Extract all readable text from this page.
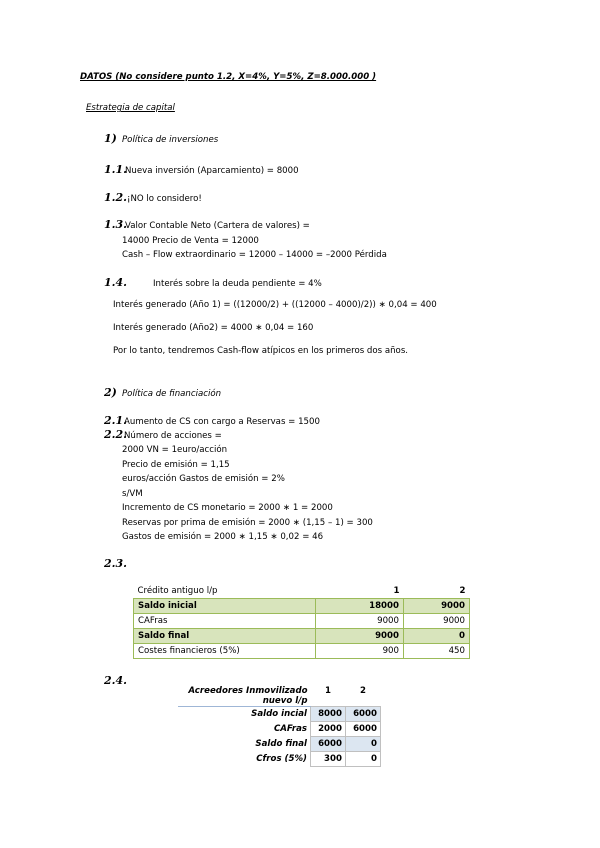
DATOS (No considere punto 1.2, X=4%, Y=5%, Z=8.000.000 )
Estrategia de capital
1) Política de inversiones
1.1.
Nueva inversión (Aparcamiento) = 8000
1.2. ¡NO lo considero!
1.3.
Valor Contable Neto (Cartera de valores) =
14000 Precio de Venta = 12000
Cash – Flow extraordinario = 12000 – 14000 = –2000 Pérdida
1.4.	Interés sobre la deuda pendiente = 4%
Interés generado (Año 1) = ((12000/2) + ((12000 – 4000)/2)) ∗ 0,04 = 400
Interés generado (Año2) = 4000 ∗ 0,04 = 160
Por lo tanto, tendremos Cash-flow atípicos en los primeros dos años.
2) Política de financiación
2.1.
Aumento de CS con cargo a Reservas = 1500
2.2.
Número de acciones =
2000 VN = 1euro/acción
Precio de emisión = 1,15
euros/acción Gastos de emisión = 2%
s/VM
Incremento de CS monetario = 2000 ∗ 1 = 2000
Reservas por prima de emisión = 2000 ∗ (1,15 – 1) = 300
Gastos de emisión = 2000 ∗ 1,15 ∗ 0,02 = 46
2.3.
Crédito antiguo l/p	1	2
Saldo inicial	18000	9000
CAFras	9000	9000
Saldo final	9000	0
Costes financieros (5%)	900	450
2.4.
Acreedores Inmovilizado
nuevo l/p	1	2
Saldo incial	8000	6000
CAFras	2000	6000
Saldo final	6000	0
Cfros (5%)	300	0
